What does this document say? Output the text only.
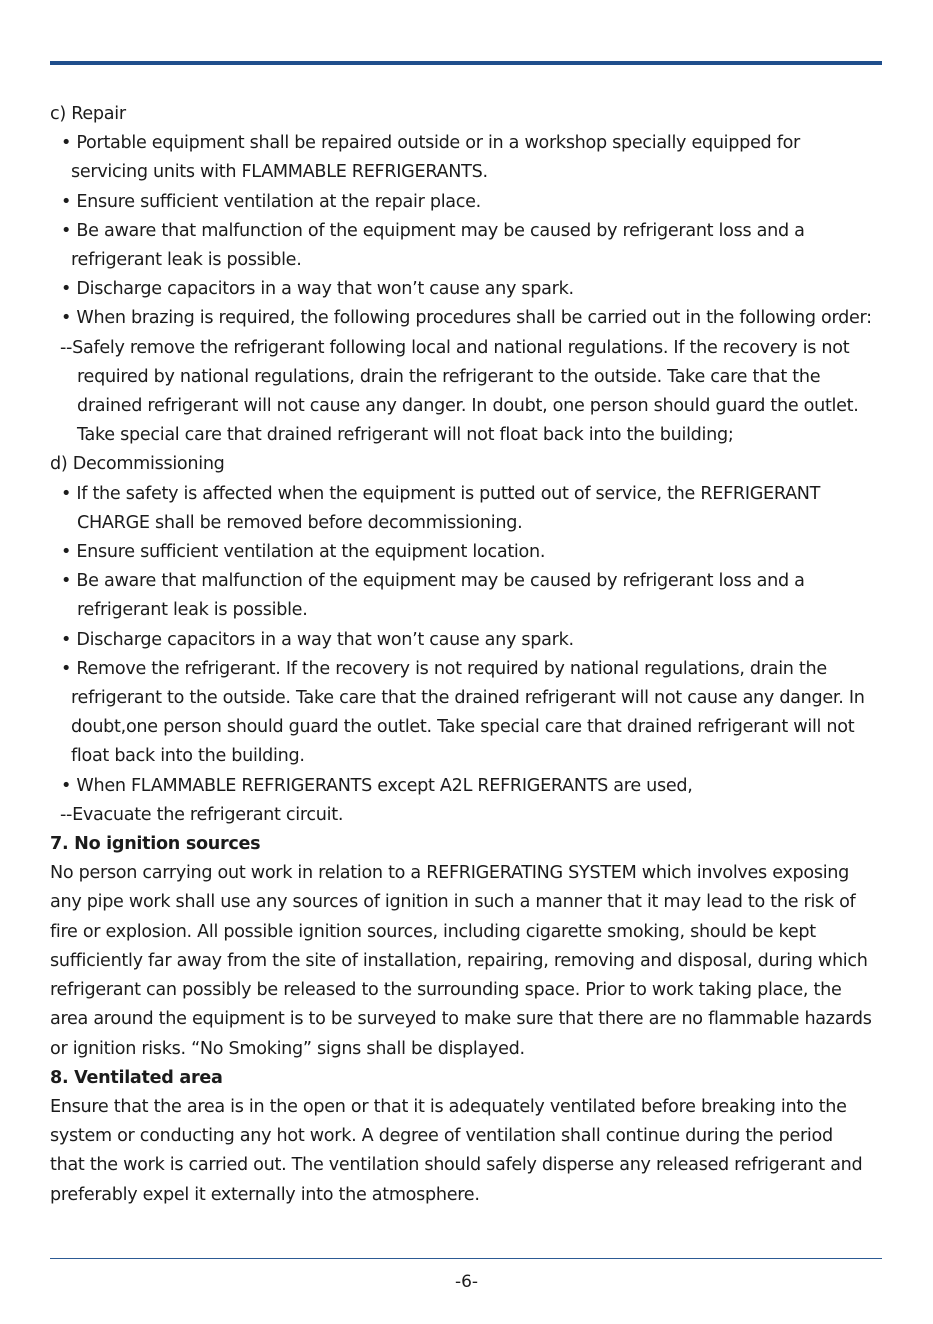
c) Repair

• Portable equipment shall be repaired outside or in a workshop specially equipped for

servicing units with FLAMMABLE REFRIGERANTS.

• Ensure sufficient ventilation at the repair place.

• Be aware that malfunction of the equipment may be caused by refrigerant loss and a

refrigerant leak is possible.

• Discharge capacitors in a way that won’t cause any spark.

• When brazing is required, the following procedures shall be carried out in the following order:

--Safely remove the refrigerant following local and national regulations. If the recovery is not

required by national regulations, drain the refrigerant to the outside. Take care that the

drained refrigerant will not cause any danger. In doubt, one person should guard the outlet.

Take special care that drained refrigerant will not float back into the building;

d) Decommissioning

• If the safety is affected when the equipment is putted out of service, the REFRIGERANT

CHARGE shall be removed before decommissioning.

• Ensure sufficient ventilation at the equipment location.

• Be aware that malfunction of the equipment may be caused by refrigerant loss and a

refrigerant leak is possible.

• Discharge capacitors in a way that won’t cause any spark.

• Remove the refrigerant. If the recovery is not required by national regulations, drain the

refrigerant to the outside. Take care that the drained refrigerant will not cause any danger. In

doubt,one person should guard the outlet. Take special care that drained refrigerant will not

float back into the building.

• When FLAMMABLE REFRIGERANTS except A2L REFRIGERANTS are used,

--Evacuate the refrigerant circuit.

7. No ignition sources

No person carrying out work in relation to a REFRIGERATING SYSTEM which involves exposing

any pipe work shall use any sources of ignition in such a manner that it may lead to the risk of

fire or explosion. All possible ignition sources, including cigarette smoking, should be kept

sufficiently far away from the site of installation, repairing, removing and disposal, during which

refrigerant can possibly be released to the surrounding space. Prior to work taking place, the

area around the equipment is to be surveyed to make sure that there are no flammable hazards

or ignition risks. “No Smoking” signs shall be displayed.

8. Ventilated area

Ensure that the area is in the open or that it is adequately ventilated before breaking into the

system or conducting any hot work. A degree of ventilation shall continue during the period

that the work is carried out. The ventilation should safely disperse any released refrigerant and

preferably expel it externally into the atmosphere.

-6-
